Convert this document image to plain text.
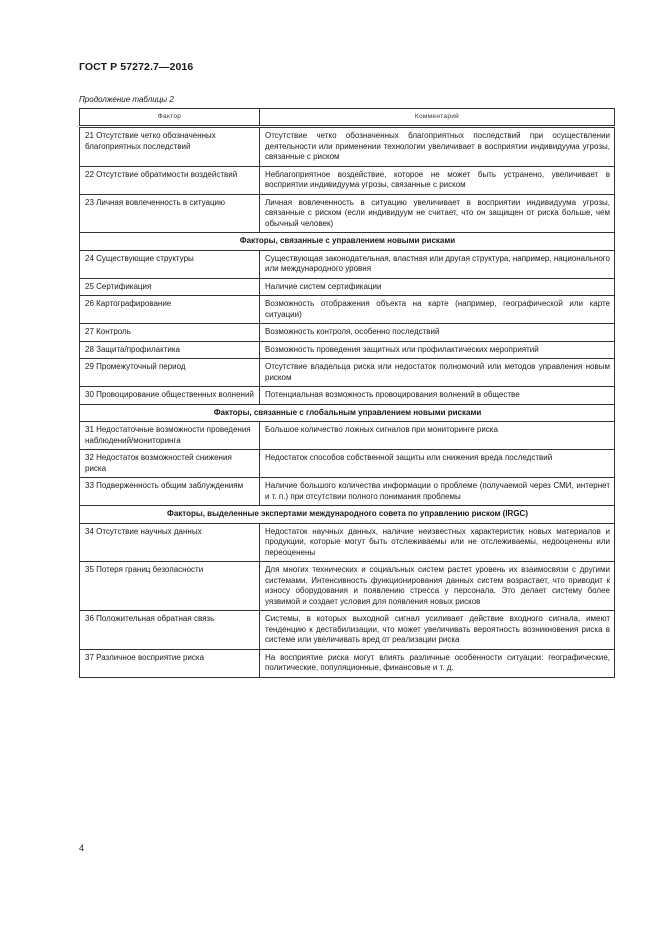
ГОСТ Р 57272.7—2016
Продолжение таблицы 2
Фактор	Комментарий
21 Отсутствие четко обозначенных благоприятных последствий	Отсутствие четко обозначенных благоприятных последствий при осуществлении деятельности или применении технологии увеличивает в восприятии индивидуума угрозы, связанные с риском
22 Отсутствие обратимости воздействий	Неблагоприятное воздействие, которое не может быть устранено, увеличивает в восприятии индивидуума угрозы, связанные с риском
23 Личная вовлеченность в ситуацию	Личная вовлеченность в ситуацию увеличивает в восприятии индивидуума угрозы, связанные с риском (если индивидуум не считает, что он защищен от риска больше, чем обычный человек)
Факторы, связанные с управлением новыми рисками	
24 Существующие структуры	Существующая законодательная, властная или другая структура, например, национального или международного уровня
25 Сертификация	Наличие систем сертификации
26 Картографирование	Возможность отображения объекта на карте (например, географической или карте ситуации)
27 Контроль	Возможность контроля, особенно последствий
28 Защита/профилактика	Возможность проведения защитных или профилактических мероприятий
29 Промежуточный период	Отсутствие владельца риска или недостаток полномочий или методов управления новым риском
30 Провоцирование общественных волнений	Потенциальная возможность провоцирования волнений в обществе
Факторы, связанные с глобальным управлением новыми рисками	
31 Недостаточные возможности проведения наблюдений/мониторинга	Большое количество ложных сигналов при мониторинге риска
32 Недостаток возможностей снижения риска	Недостаток способов собственной защиты или снижения вреда последствий
33 Подверженность общим заблуждениям	Наличие большого количества информации о проблеме (получаемой через СМИ, интернет и т. п.) при отсутствии полного понимания проблемы
Факторы, выделенные экспертами международного совета по управлению риском (IRGC)	
34 Отсутствие научных данных	Недостаток научных данных, наличие неизвестных характеристик новых материалов и продукции, которые могут быть отслеживаемы или не отслеживаемы, недооценены или переоценены
35 Потеря границ безопасности	Для многих технических и социальных систем растет уровень их взаимосвязи с другими системами. Интенсивность функционирования данных систем возрастает, что приводит к износу оборудования и появлению стресса у персонала. Это делает систему более уязвимой и создает условия для появления новых рисков
36 Положительная обратная связь	Системы, в которых выходной сигнал усиливает действие входного сигнала, имеют тенденцию к дестабилизации, что может увеличивать вероятность возникновения риска в системе или увеличивать вред от реализации риска
37 Различное восприятие риска	На восприятие риска могут влиять различные особенности ситуации: географические, политические, популяционные, финансовые и т. д.
4
